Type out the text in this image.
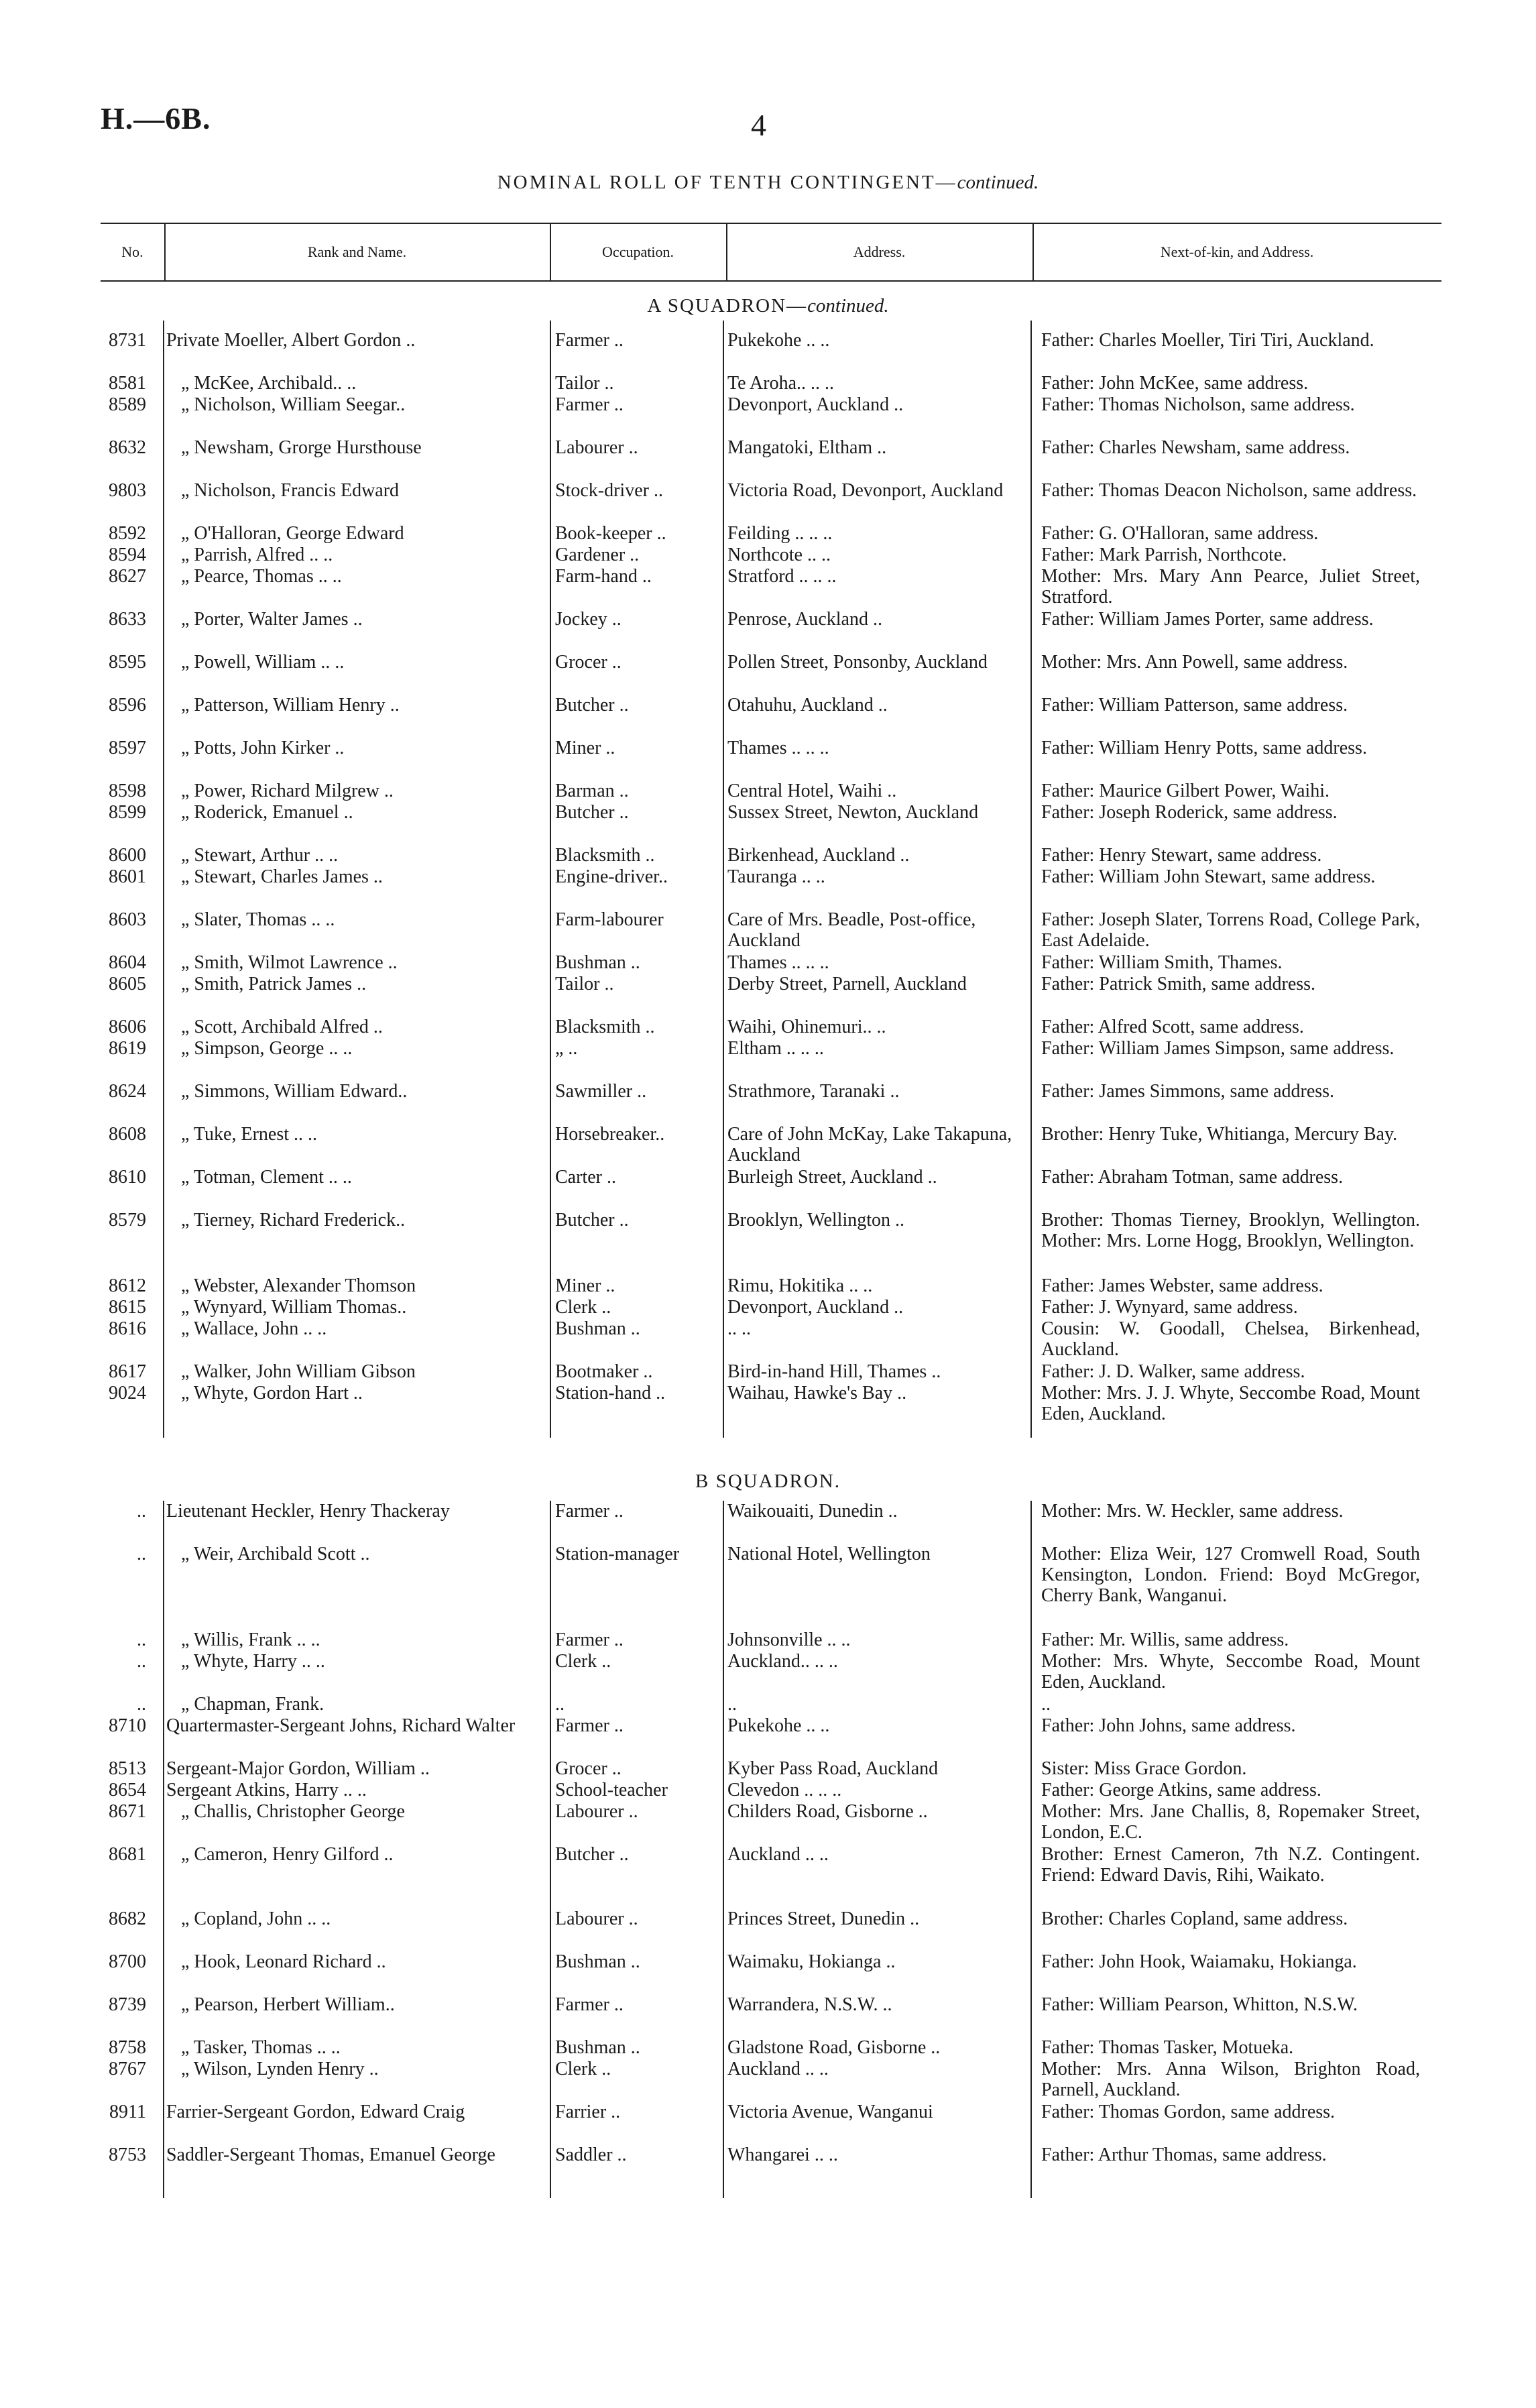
H.—6B.	4
NOMINAL ROLL OF TENTH CONTINGENT—continued.
No.	Rank and Name.	Occupation.	Address.	Next-of-kin, and Address.
A SQUADRON—continued.
B SQUADRON.
8731 Private Moeller, Albert Gordon ..	Farmer ..	Pukekohe .. ..	Father: Charles Moeller, Tiri Tiri, Auckland.
8581 „ McKee, Archibald.. ..	Tailor ..	Te Aroha.. .. ..	Father: John McKee, same address.
8589 „ Nicholson, William Seegar..	Farmer ..	Devonport, Auckland ..	Father: Thomas Nicholson, same address.
8632 „ Newsham, Grorge Hursthouse	Labourer ..	Mangatoki, Eltham ..	Father: Charles Newsham, same address.
9803 „ Nicholson, Francis Edward	Stock-driver ..	Victoria Road, Devonport, Auckland	Father: Thomas Deacon Nicholson, same address.
8592 „ O'Halloran, George Edward	Book-keeper ..	Feilding .. .. ..	Father: G. O'Halloran, same address.
8594 „ Parrish, Alfred .. ..	Gardener ..	Northcote .. ..	Father: Mark Parrish, Northcote.
8627 „ Pearce, Thomas .. ..	Farm-hand ..	Stratford .. .. ..	Mother: Mrs. Mary Ann Pearce, Juliet Street, Stratford.
8633 „ Porter, Walter James ..	Jockey ..	Penrose, Auckland ..	Father: William James Porter, same address.
8595 „ Powell, William .. ..	Grocer ..	Pollen Street, Ponsonby, Auckland	Mother: Mrs. Ann Powell, same address.
8596 „ Patterson, William Henry ..	Butcher ..	Otahuhu, Auckland ..	Father: William Patterson, same address.
8597 „ Potts, John Kirker ..	Miner ..	Thames .. .. ..	Father: William Henry Potts, same address.
8598 „ Power, Richard Milgrew ..	Barman ..	Central Hotel, Waihi ..	Father: Maurice Gilbert Power, Waihi.
8599 „ Roderick, Emanuel ..	Butcher ..	Sussex Street, Newton, Auckland	Father: Joseph Roderick, same address.
8600 „ Stewart, Arthur .. ..	Blacksmith ..	Birkenhead, Auckland ..	Father: Henry Stewart, same address.
8601 „ Stewart, Charles James ..	Engine-driver..	Tauranga .. ..	Father: William John Stewart, same address.
8603 „ Slater, Thomas .. ..	Farm-labourer	Care of Mrs. Beadle, Post-office, Auckland
Father: Joseph Slater, Torrens Road, College Park, East Adelaide.
8604 „ Smith, Wilmot Lawrence ..	Bushman ..	Thames .. .. ..	Father: William Smith, Thames.
8605 „ Smith, Patrick James ..	Tailor ..	Derby Street, Parnell, Auckland	Father: Patrick Smith, same address.
8606 „ Scott, Archibald Alfred ..	Blacksmith ..	Waihi, Ohinemuri.. ..	Father: Alfred Scott, same address.
8619 „ Simpson, George .. ..	„ ..	Eltham .. .. ..	Father: William James Simpson, same address.
8624 „ Simmons, William Edward..	Sawmiller ..	Strathmore, Taranaki ..	Father: James Simmons, same address.
8608 „ Tuke, Ernest .. ..	Horsebreaker..	Care of John McKay, Lake Takapuna, Auckland
Brother: Henry Tuke, Whitianga, Mercury Bay.
8610 „ Totman, Clement .. ..	Carter ..	Burleigh Street, Auckland ..	Father: Abraham Totman, same address.
8579 „ Tierney, Richard Frederick..	Butcher ..	Brooklyn, Wellington ..	Brother: Thomas Tierney, Brooklyn, Wellington. Mother: Mrs. Lorne Hogg, Brooklyn, Wellington.
8612 „ Webster, Alexander Thomson	Miner ..	Rimu, Hokitika .. ..	Father: James Webster, same address.
8615 „ Wynyard, William Thomas..	Clerk ..	Devonport, Auckland ..	Father: J. Wynyard, same address.
8616 „ Wallace, John .. ..	Bushman ..	.. ..	Cousin: W. Goodall, Chelsea, Birkenhead, Auckland.
8617 „ Walker, John William Gibson	Bootmaker ..	Bird-in-hand Hill, Thames ..	Father: J. D. Walker, same address.
9024 „ Whyte, Gordon Hart ..	Station-hand ..	Waihau, Hawke's Bay ..	Mother: Mrs. J. J. Whyte, Seccombe Road, Mount Eden, Auckland.
.. Lieutenant Heckler, Henry Thackeray	Farmer ..	Waikouaiti, Dunedin ..	Mother: Mrs. W. Heckler, same address.
.. „ Weir, Archibald Scott ..	Station-manager	National Hotel, Wellington	Mother: Eliza Weir, 127 Cromwell Road, South Kensington, London. Friend: Boyd McGregor, Cherry Bank, Wanganui.
.. „ Willis, Frank .. ..	Farmer ..	Johnsonville .. ..	Father: Mr. Willis, same address.
.. „ Whyte, Harry .. ..	Clerk ..	Auckland.. .. ..	Mother: Mrs. Whyte, Seccombe Road, Mount Eden, Auckland.
.. „ Chapman, Frank.	..	..	..
8710 Quartermaster-Sergeant Johns, Richard Walter	Farmer ..	Pukekohe .. ..	Father: John Johns, same address.
8513 Sergeant-Major Gordon, William ..	Grocer ..	Kyber Pass Road, Auckland	Sister: Miss Grace Gordon.
8654 Sergeant Atkins, Harry .. ..	School-teacher	Clevedon .. .. ..	Father: George Atkins, same address.
8671 „ Challis, Christopher George	Labourer ..	Childers Road, Gisborne ..	Mother: Mrs. Jane Challis, 8, Ropemaker Street, London, E.C.
8681 „ Cameron, Henry Gilford ..	Butcher ..	Auckland .. ..	Brother: Ernest Cameron, 7th N.Z. Contingent. Friend: Edward Davis, Rihi, Waikato.
8682 „ Copland, John .. ..	Labourer ..	Princes Street, Dunedin ..	Brother: Charles Copland, same address.
8700 „ Hook, Leonard Richard ..	Bushman ..	Waimaku, Hokianga ..	Father: John Hook, Waiamaku, Hokianga.
8739 „ Pearson, Herbert William..	Farmer ..	Warrandera, N.S.W. ..	Father: William Pearson, Whitton, N.S.W.
8758 „ Tasker, Thomas .. ..	Bushman ..	Gladstone Road, Gisborne ..	Father: Thomas Tasker, Motueka.
8767 „ Wilson, Lynden Henry ..	Clerk ..	Auckland .. ..	Mother: Mrs. Anna Wilson, Brighton Road, Parnell, Auckland.
8911 Farrier-Sergeant Gordon, Edward Craig	Farrier ..	Victoria Avenue, Wanganui	Father: Thomas Gordon, same address.
8753 Saddler-Sergeant Thomas, Emanuel George	Saddler ..	Whangarei .. ..	Father: Arthur Thomas, same address.
